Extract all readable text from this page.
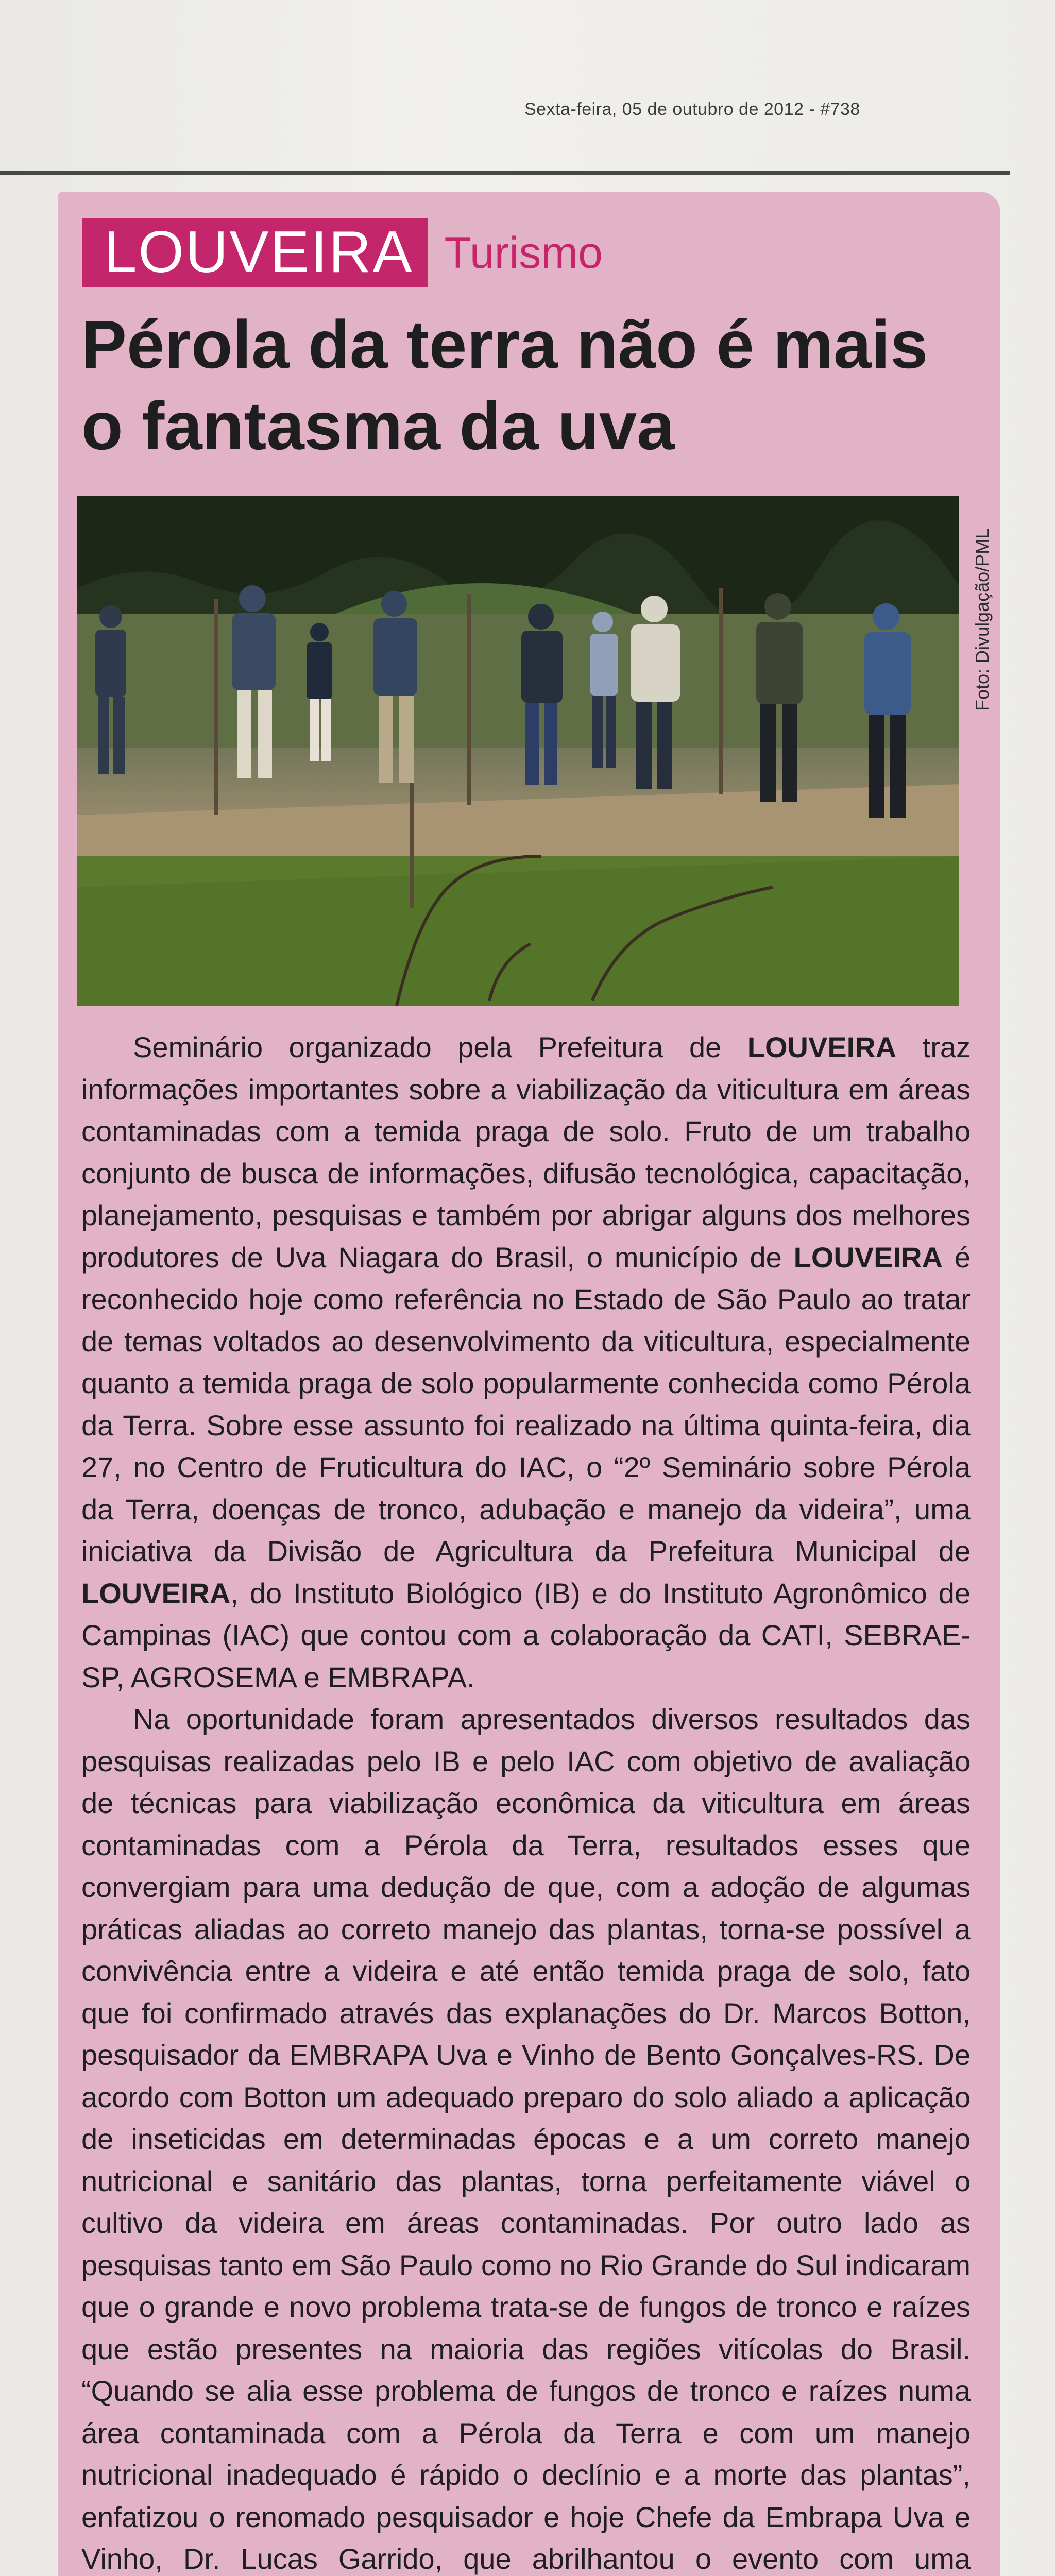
Sexta-feira, 05 de outubro de 2012 - #738
LOUVEIRA Turismo
Pérola da terra não é mais o fantasma da uva
Foto: Divulgação/PML

Seminário organizado pela Prefeitura de LOUVEIRA traz informações importantes sobre a viabilização da viticultura em áreas contaminadas com a temida praga de solo. Fruto de um trabalho conjunto de busca de informações, difusão tecnológica, capacitação, planejamento, pesquisas e também por abrigar alguns dos melhores produtores de Uva Niagara do Brasil, o município de LOUVEIRA é reconhecido hoje como referência no Estado de São Paulo ao tratar de temas voltados ao desenvolvimento da viticultura, especialmente quanto a temida praga de solo popularmente conhecida como Pérola da Terra. Sobre esse assunto foi realizado na última quinta-feira, dia 27, no Centro de Fruticultura do IAC, o “2º Seminário sobre Pérola da Terra, doenças de tronco, adubação e manejo da videira”, uma iniciativa da Divisão de Agricultura da Prefeitura Municipal de LOUVEIRA, do Instituto Biológico (IB) e do Instituto Agronômico de Campinas (IAC) que contou com a colaboração da CATI, SEBRAE-SP, AGROSEMA e EMBRAPA.

Na oportunidade foram apresentados diversos resultados das pesquisas realizadas pelo IB e pelo IAC com objetivo de avaliação de técnicas para viabilização econômica da viticultura em áreas contaminadas com a Pérola da Terra, resultados esses que convergiam para uma dedução de que, com a adoção de algumas práticas aliadas ao correto manejo das plantas, torna-se possível a convivência entre a videira e até então temida praga de solo, fato que foi confirmado através das explanações do Dr. Marcos Botton, pesquisador da EMBRAPA Uva e Vinho de Bento Gonçalves-RS. De acordo com Botton um adequado preparo do solo aliado a aplicação de inseticidas em determinadas épocas e a um correto manejo nutricional e sanitário das plantas, torna perfeitamente viável o cultivo da videira em áreas contaminadas. Por outro lado as pesquisas tanto em São Paulo como no Rio Grande do Sul indicaram que o grande e novo problema trata-se de fungos de tronco e raízes que estão presentes na maioria das regiões vitícolas do Brasil. “Quando se alia esse problema de fungos de tronco e raízes numa área contaminada com a Pérola da Terra e com um manejo nutricional inadequado é rápido o declínio e a morte das plantas”, enfatizou o renomado pesquisador e hoje Chefe da Embrapa Uva e Vinho, Dr. Lucas Garrido, que abrilhantou o evento com uma
